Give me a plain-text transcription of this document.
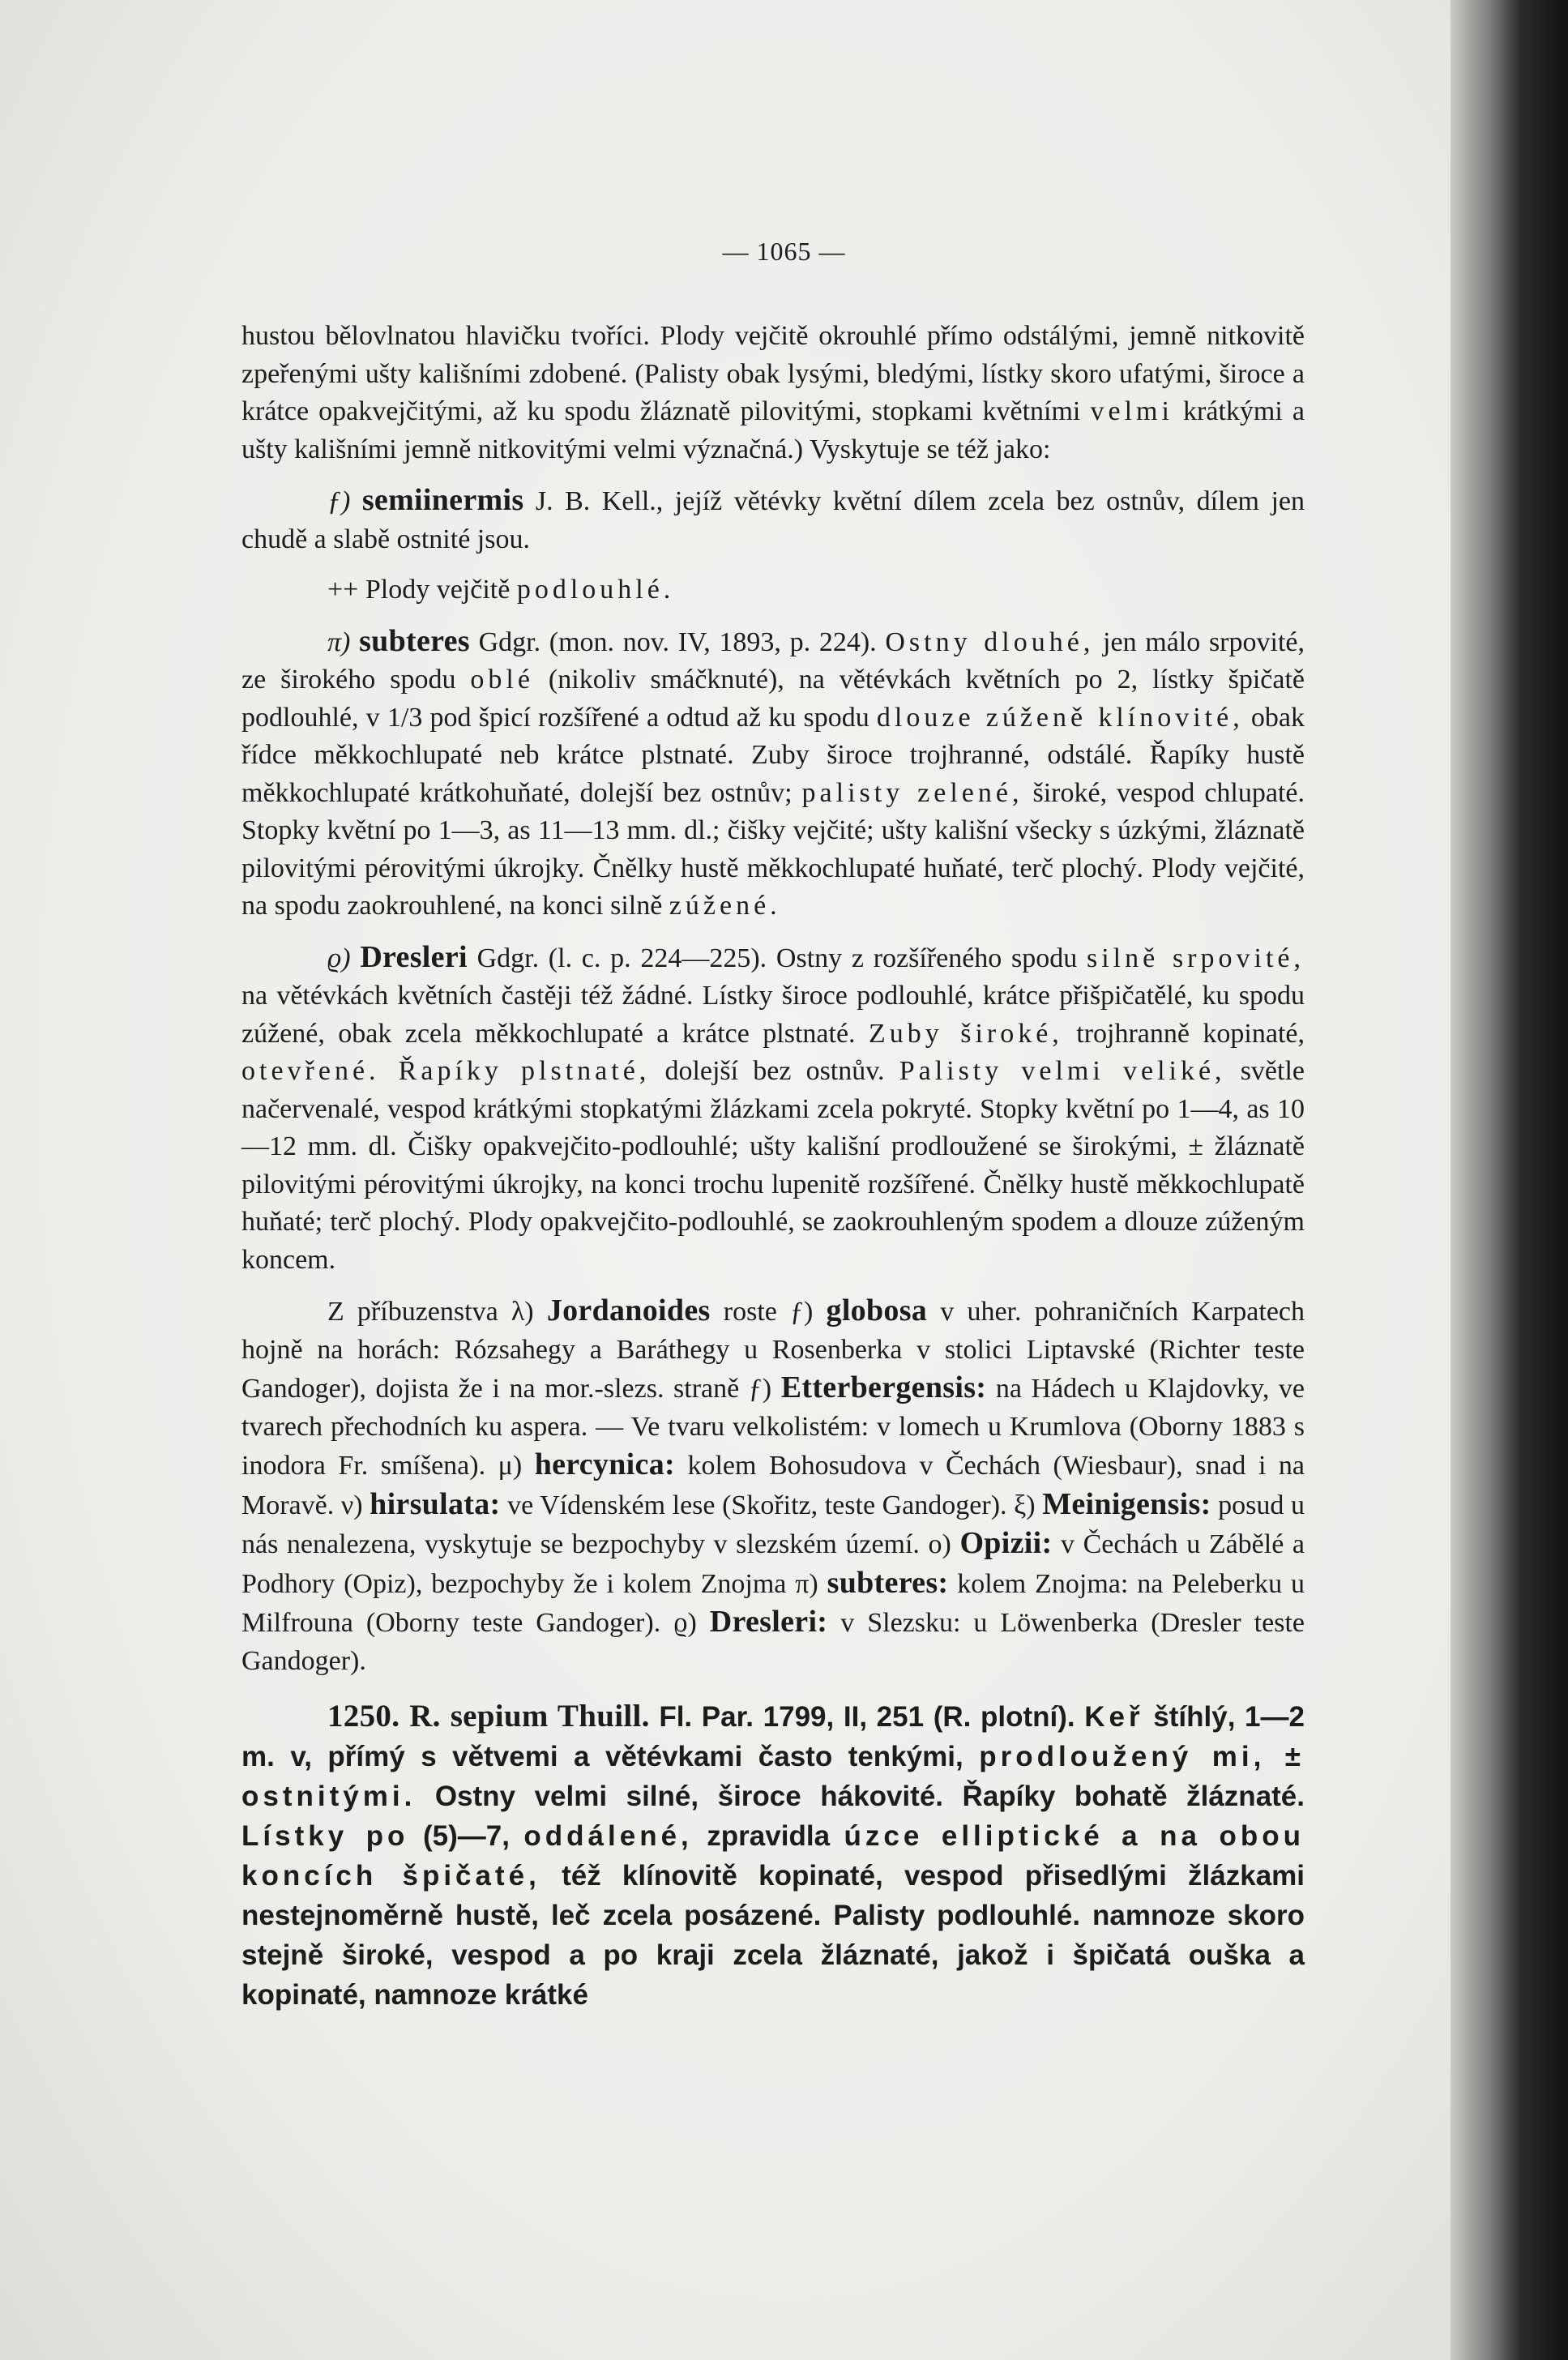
— 1065 —

hustou bělovlnatou hlavičku tvoříci. Plody vejčitě okrouhlé přímo odstálými, jemně nitkovitě zpeřenými ušty kališními zdobené. (Palisty obak lysými, bledými, lístky skoro ufatými, široce a krátce opakvejčitými, až ku spodu žláznatě pilovitými, stopkami květními velmi krátkými a ušty kališními jemně nitkovitými velmi význačná.) Vyskytuje se též jako:

ƒ) semiinermis J. B. Kell., jejíž větévky květní dílem zcela bez ostnův, dílem jen chudě a slabě ostnité jsou.

++ Plody vejčitě podlouhlé.

π) subteres Gdgr. (mon. nov. IV, 1893, p. 224). Ostny dlouhé, jen málo srpovité, ze širokého spodu oblé (nikoliv smáčknuté), na větévkách květních po 2, lístky špičatě podlouhlé, v 1/3 pod špicí rozšířené a odtud až ku spodu dlouze zúženě klínovité, obak řídce měkkochlupaté neb krátce plstnaté. Zuby široce trojhranné, odstálé. Řapíky hustě měkkochlupaté krátkohuňaté, dolejší bez ostnův; palisty zelené, široké, vespod chlupaté. Stopky květní po 1—3, as 11—13 mm. dl.; čišky vejčité; ušty kališní všecky s úzkými, žláznatě pilovitými pérovitými úkrojky. Čnělky hustě měkkochlupaté huňaté, terč plochý. Plody vejčité, na spodu zaokrouhlené, na konci silně zúžené.

ϱ) Dresleri Gdgr. (l. c. p. 224—225). Ostny z rozšířeného spodu silně srpovité, na větévkách květních častěji též žádné. Lístky široce podlouhlé, krátce přišpičatělé, ku spodu zúžené, obak zcela měkkochlupaté a krátce plstnaté. Zuby široké, trojhranně kopinaté, otevřené. Řapíky plstnaté, dolejší bez ostnův. Palisty velmi veliké, světle načervenalé, vespod krátkými stopkatými žlázkami zcela pokryté. Stopky květní po 1—4, as 10—12 mm. dl. Čišky opakvejčito-podlouhlé; ušty kališní prodloužené se širokými, ± žláznatě pilovitými pérovitými úkrojky, na konci trochu lupenitě rozšířené. Čnělky hustě měkkochlupatě huňaté; terč plochý. Plody opakvejčito-podlouhlé, se zaokrouhleným spodem a dlouze zúženým koncem.

Z příbuzenstva λ) Jordanoides roste ƒ) globosa v uher. pohraničních Karpatech hojně na horách: Rózsahegy a Baráthegy u Rosenberka v stolici Liptavské (Richter teste Gandoger), dojista že i na mor.-slezs. straně ƒ) Etterbergensis: na Hádech u Klajdovky, ve tvarech přechodních ku aspera. — Ve tvaru velkolistém: v lomech u Krumlova (Oborny 1883 s inodora Fr. smíšena). μ) hercynica: kolem Bohosudova v Čechách (Wiesbaur), snad i na Moravě. ν) hirsulata: ve Vídenském lese (Skořitz, teste Gandoger). ξ) Meinigensis: posud u nás nenalezena, vyskytuje se bezpochyby v slezském území. ο) Opizii: v Čechách u Zábělé a Podhory (Opiz), bezpochyby že i kolem Znojma π) subteres: kolem Znojma: na Peleberku u Milfrouna (Oborny teste Gandoger). ϱ) Dresleri: v Slezsku: u Löwenberka (Dresler teste Gandoger).

1250. R. sepium Thuill. Fl. Par. 1799, II, 251 (R. plotní). Keř štíhlý, 1—2 m. v, přímý s větvemi a větévkami často tenkými, prodloužený mi, ± ostnitými. Ostny velmi silné, široce hákovité. Řapíky bohatě žláznaté. Lístky po (5)—7, oddálené, zpravidla úzce elliptické a na obou koncích špičaté, též klínovitě kopinaté, vespod přisedlými žlázkami nestejnoměrně hustě, leč zcela posázené. Palisty podlouhlé. namnoze skoro stejně široké, vespod a po kraji zcela žláznaté, jakož i špičatá ouška a kopinaté, namnoze krátké
